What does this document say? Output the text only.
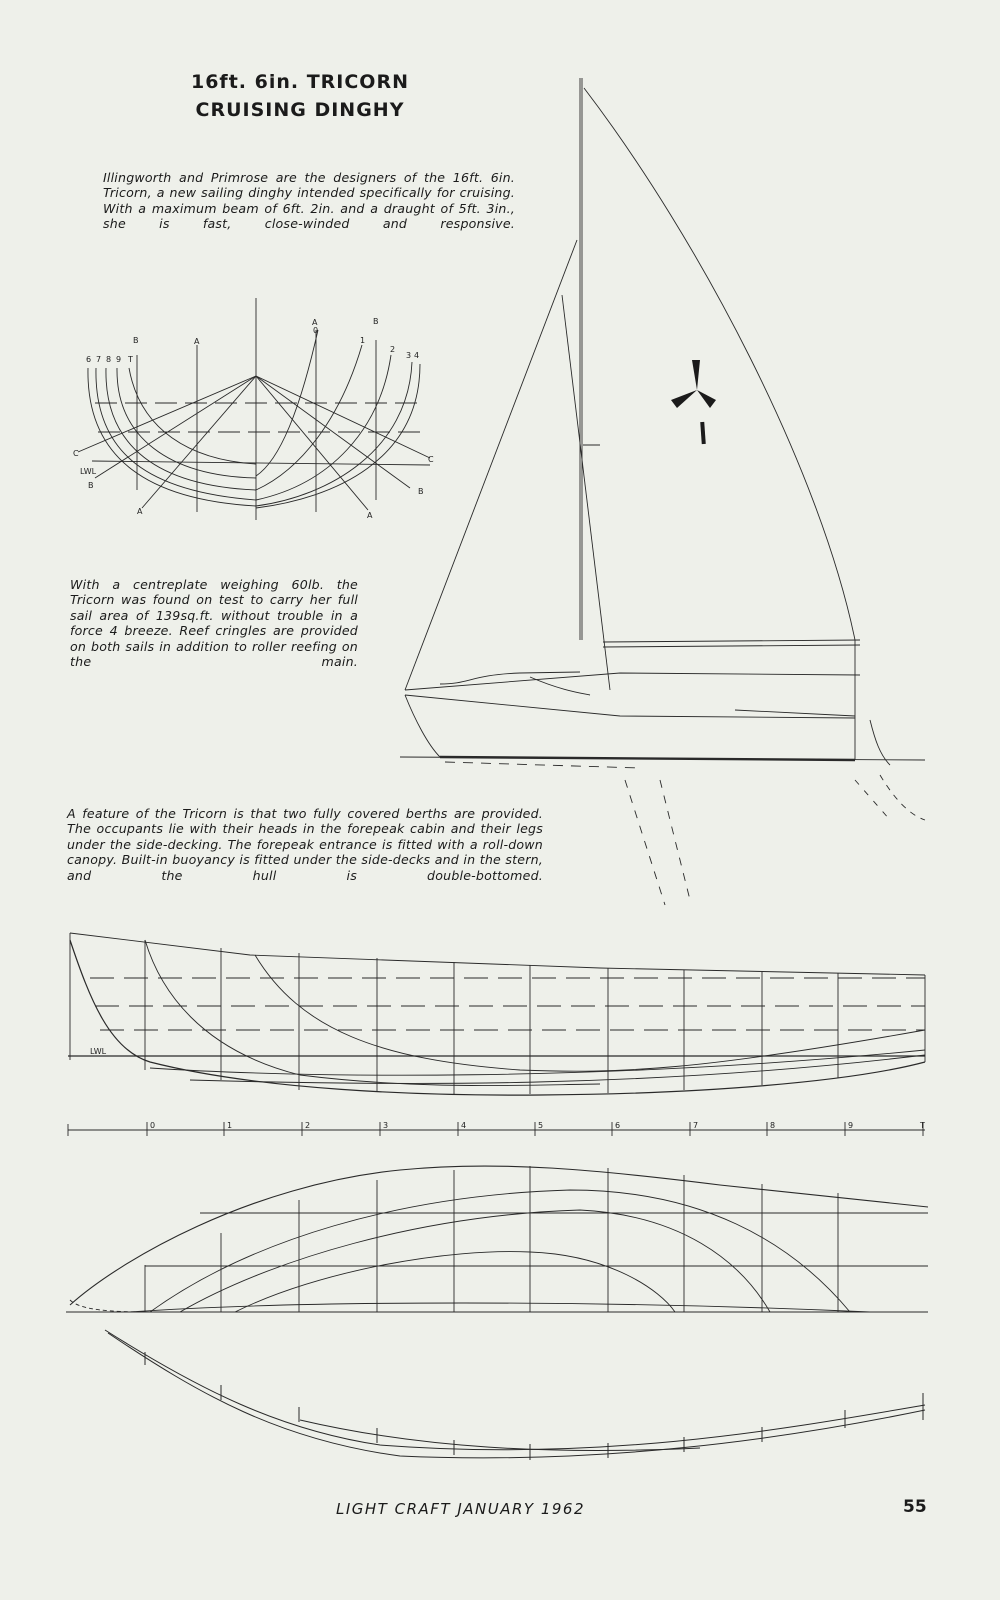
16ft. 6in. TRICORN
CRUISING DINGHY
Illingworth and Primrose are the designers of the 16ft. 6in. Tricorn, a new sailing dinghy intended specifically for cruising. With a maximum beam of 6ft. 2in. and a draught of 5ft. 3in., she is fast, close-winded and responsive.
With a centreplate weighing 60lb. the Tricorn was found on test to carry her full sail area of 139sq.ft. without trouble in a force 4 breeze. Reef cringles are provided on both sails in addition to roller reefing on the main.
A feature of the Tricorn is that two fully covered berths are provided. The occupants lie with their heads in the forepeak cabin and their legs under the side-decking. The forepeak entrance is fitted with a roll-down canopy. Built-in buoyancy is fitted under the side-decks and in the stern, and the hull is double-bottomed.
6 7 8 9 T
0
1
2
3 4
B	A
A	B
C
B
A	A
B
C
LWL
LWL
0	1	2	3	4	5	6	7	8	9	T
LIGHT CRAFT JANUARY 1962	55
